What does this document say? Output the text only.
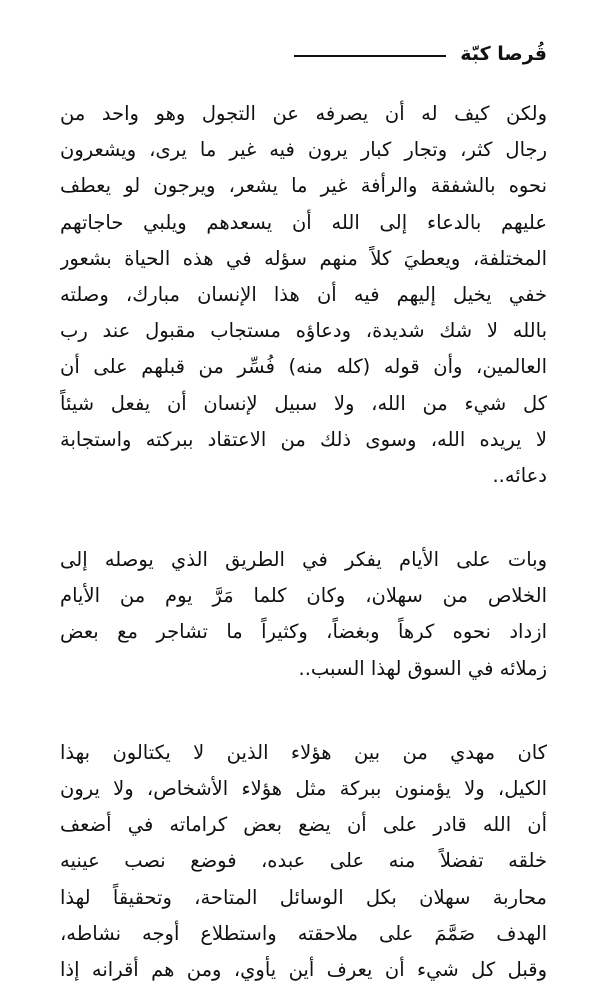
قُرصا كبّة
ولكن كيف له أن يصرفه عن التجول وهو واحد من
رجال كثر، وتجار كبار يرون فيه غير ما يرى، ويشعرون
نحوه بالشفقة والرأفة غير ما يشعر، ويرجون لو يعطف
عليهم بالدعاء إلى الله أن يسعدهم ويلبي حاجاتهم
المختلفة، ويعطيَ كلاً منهم سؤله في هذه الحياة بشعور
خفي يخيل إليهم فيه أن هذا الإنسان مبارك، وصلته
بالله لا شك شديدة، ودعاؤه مستجاب مقبول عند رب
العالمين، وأن قوله (كله منه) فُسِّر من قبلهم على أن
كل شيء من الله، ولا سبيل لإنسان أن يفعل شيئاً
لا يريده الله، وسوى ذلك من الاعتقاد ببركته واستجابة
دعائه..
وبات على الأيام يفكر في الطريق الذي يوصله إلى
الخلاص من سهلان، وكان كلما مَرَّ يوم من الأيام
ازداد نحوه كرهاً وبغضاً، وكثيراً ما تشاجر مع بعض
زملائه في السوق لهذا السبب..
كان مهدي من بين هؤلاء الذين لا يكتالون بهذا
الكيل، ولا يؤمنون ببركة مثل هؤلاء الأشخاص، ولا يرون
أن الله قادر على أن يضع بعض كراماته في أضعف
خلقه تفضلاً منه على عبده، فوضع نصب عينيه
محاربة سهلان بكل الوسائل المتاحة، وتحقيقاً لهذا
الهدف صَمَّمَ على ملاحقته واستطلاع أوجه نشاطه،
وقبل كل شيء أن يعرف أين يأوي، ومن هم أقرانه إذا
